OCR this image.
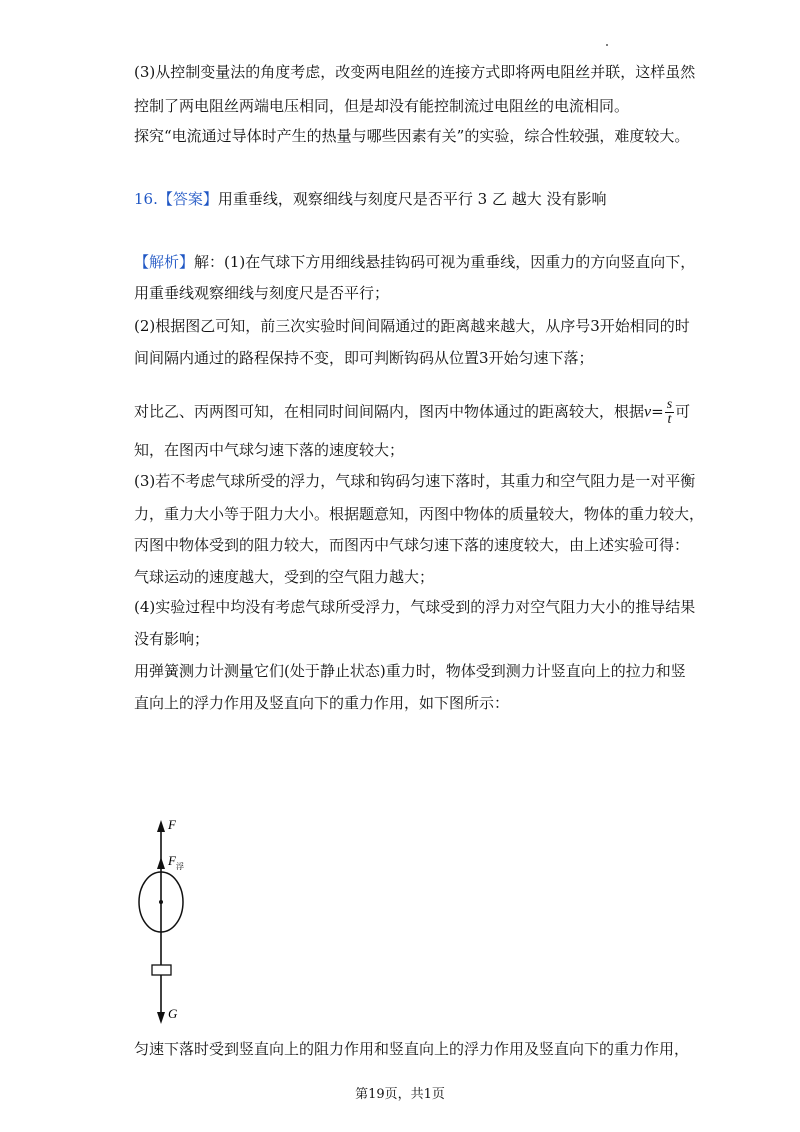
(3)从控制变量法的角度考虑，改变两电阻丝的连接方式即将两电阻丝并联，这样虽然
控制了两电阻丝两端电压相同，但是却没有能控制流过电阻丝的电流相同。
探究“电流通过导体时产生的热量与哪些因素有关”的实验，综合性较强，难度较大。
16.【答案】用重垂线，观察细线与刻度尺是否平行 3 乙 越大 没有影响
【解析】解：(1)在气球下方用细线悬挂钩码可视为重垂线，因重力的方向竖直向下，
用重垂线观察细线与刻度尺是否平行；
(2)根据图乙可知，前三次实验时间间隔通过的距离越来越大，从序号3开始相同的时
间间隔内通过的路程保持不变，即可判断钩码从位置3开始匀速下落；
对比乙、丙两图可知，在相同时间间隔内，图丙中物体通过的距离较大，根据$v= \frac{s}{t}$ 可
知，在图丙中气球匀速下落的速度较大；
(3)若不考虑气球所受的浮力，气球和钩码匀速下落时，其重力和空气阻力是一对平衡
力，重力大小等于阻力大小。根据题意知，丙图中物体的质量较大，物体的重力较大，
丙图中物体受到的阻力较大，而图丙中气球匀速下落的速度较大，由上述实验可得：
气球运动的速度越大，受到的空气阻力越大；
(4)实验过程中均没有考虑气球所受浮力，气球受到的浮力对空气阻力大小的推导结果
没有影响；
用弹簧测力计测量它们(处于静止状态)重力时，物体受到测力计竖直向上的拉力和竖
直向上的浮力作用及竖直向下的重力作用，如下图所示：
F
F 浮
G
匀速下落时受到竖直向上的阻力作用和竖直向上的浮力作用及竖直向下的重力作用，
第19页，共1页
